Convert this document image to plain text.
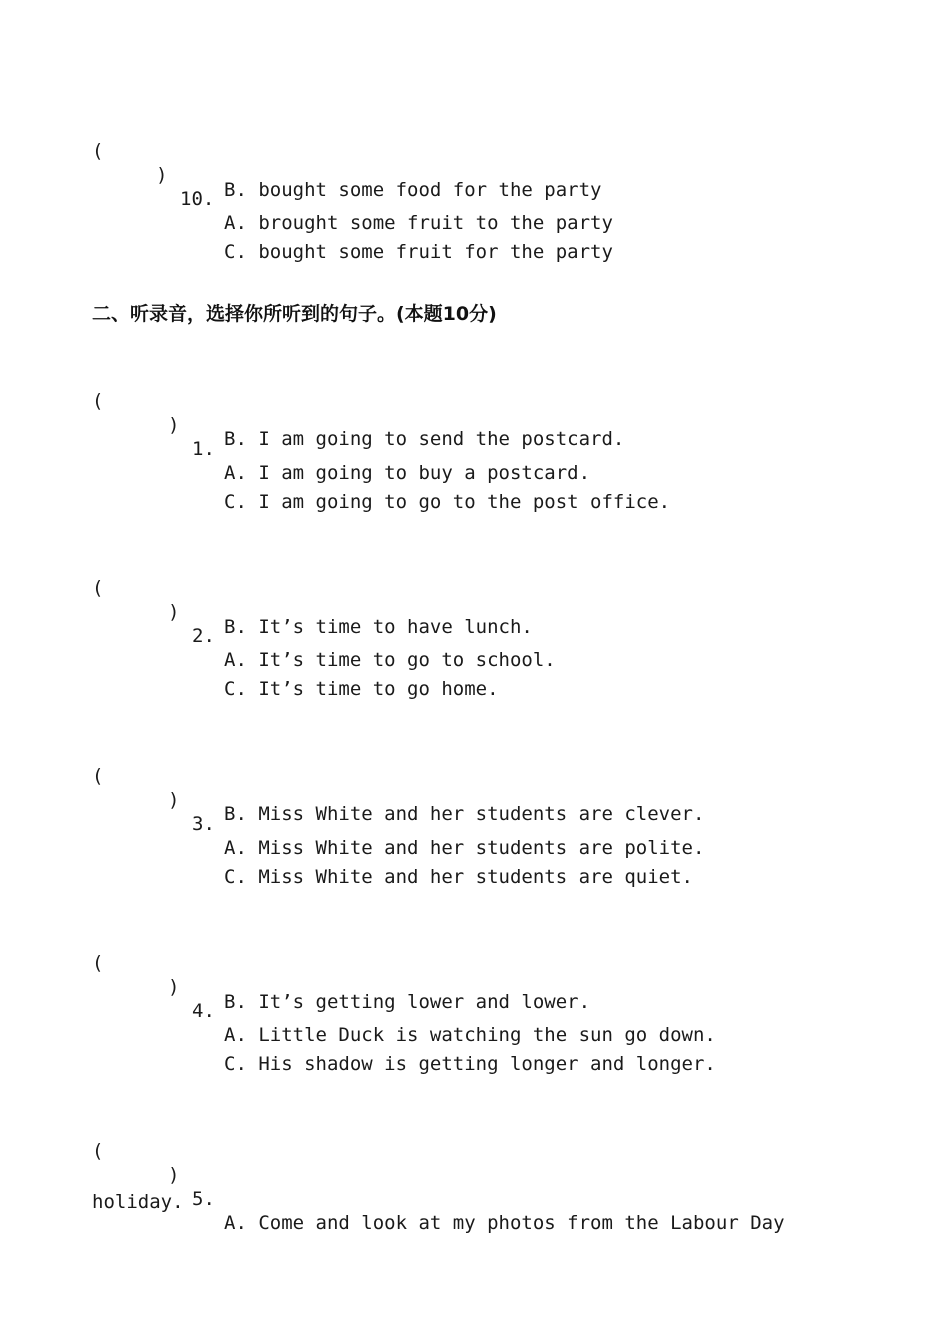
(

)

10.

A. brought some fruit to the party

B. bought some food for the party
C. bought some fruit for the party
二、听录音，选择你所听到的句子。(本题10分)

(

)

1.

A. I am going to buy a postcard.

B. I am going to send the postcard.
C. I am going to go to the post office.

(

)

2.

A. It’s time to go to school.

B. It’s time to have lunch.
C. It’s time to go home.

(

)

3.

A. Miss White and her students are polite.

B. Miss White and her students are clever.
C. Miss White and her students are quiet.

(

)

4.

A. Little Duck is watching the sun go down.

B. It’s getting lower and lower.
C. His shadow is getting longer and longer.

(

)

5.

A. Come and look at my photos from the Labour Day

holiday.
